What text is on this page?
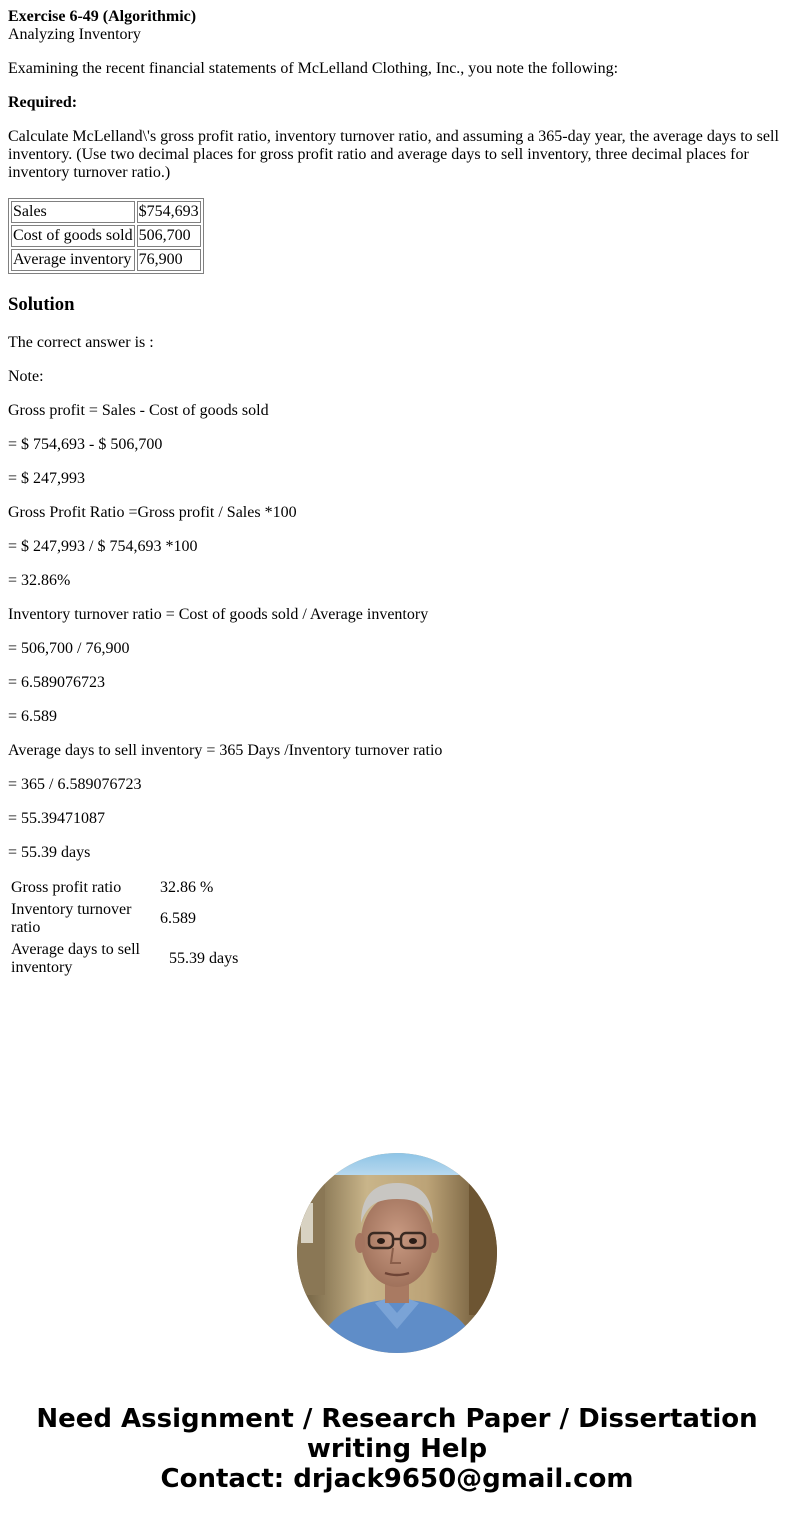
Exercise 6-49 (Algorithmic)
Analyzing Inventory

Examining the recent financial statements of McLelland Clothing, Inc., you note the following:

Required:

Calculate McLelland\'s gross profit ratio, inventory turnover ratio, and assuming a 365-day year, the average days to sell inventory. (Use two decimal places for gross profit ratio and average days to sell inventory, three decimal places for inventory turnover ratio.)

Sales	$754,693
Cost of goods sold	506,700
Average inventory	76,900
Solution

The correct answer is :

Note:

Gross profit = Sales - Cost of goods sold

= $ 754,693 - $ 506,700

= $ 247,993

Gross Profit Ratio =Gross profit / Sales *100

= $ 247,993 / $ 754,693 *100

= 32.86%

Inventory turnover ratio = Cost of goods sold / Average inventory

= 506,700 / 76,900

= 6.589076723

= 6.589

Average days to sell inventory = 365 Days /Inventory turnover ratio

= 365 / 6.589076723

= 55.39471087

= 55.39 days

Gross profit ratio	32.86 %
Inventory turnover ratio	6.589
Average days to sell inventory	55.39 days
Need Assignment / Research Paper / Dissertation
writing Help
Contact: drjack9650@gmail.com
